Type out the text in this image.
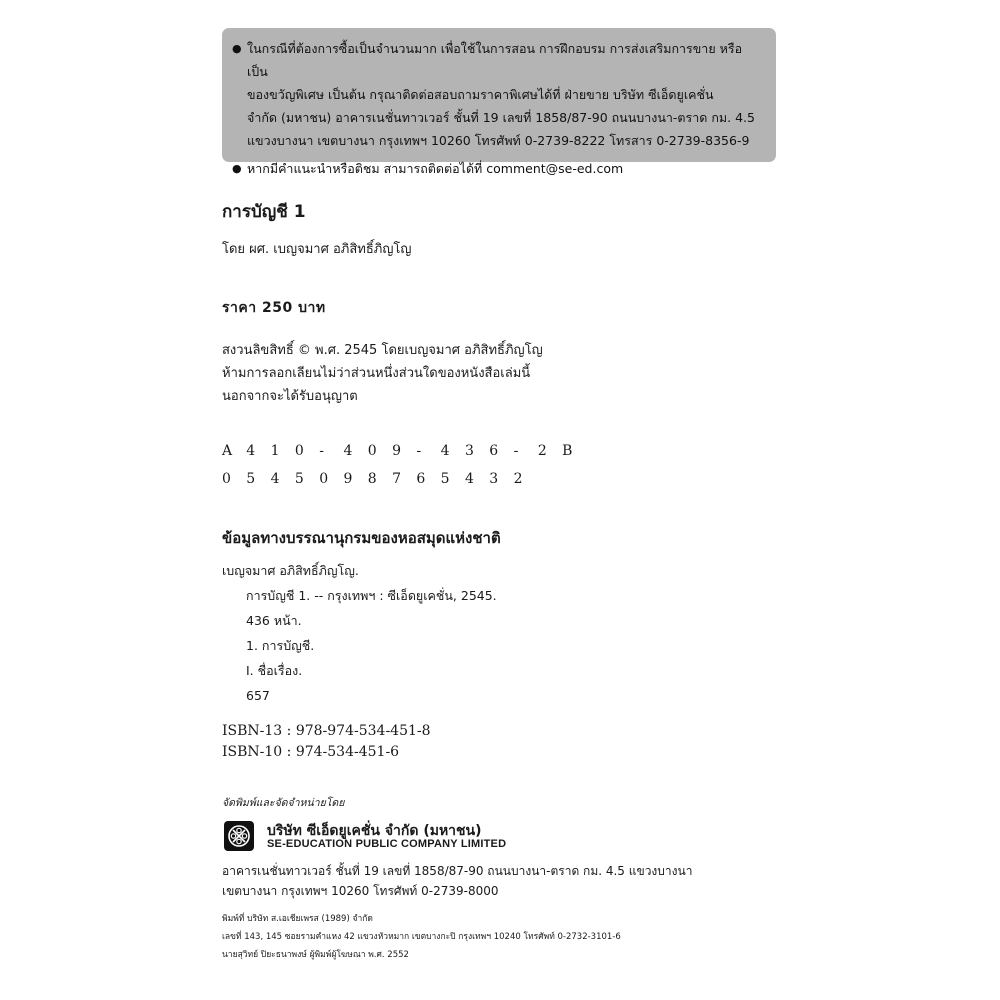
● ในกรณีที่ต้องการซื้อเป็นจำนวนมาก เพื่อใช้ในการสอน การฝึกอบรม การส่งเสริมการขาย หรือเป็น
ของขวัญพิเศษ เป็นต้น กรุณาติดต่อสอบถามราคาพิเศษได้ที่ ฝ่ายขาย บริษัท ซีเอ็ดยูเคชั่น
จำกัด (มหาชน) อาคารเนชั่นทาวเวอร์ ชั้นที่ 19 เลขที่ 1858/87-90 ถนนบางนา-ตราด กม. 4.5
แขวงบางนา เขตบางนา กรุงเทพฯ 10260 โทรศัพท์ 0-2739-8222 โทรสาร 0-2739-8356-9
● หากมีคำแนะนำหรือติชม สามารถติดต่อได้ที่ comment@se-ed.com
การบัญชี 1
โดย ผศ. เบญจมาศ อภิสิทธิ์ภิญโญ
ราคา 250 บาท
สงวนลิขสิทธิ์ © พ.ศ. 2545 โดยเบญจมาศ อภิสิทธิ์ภิญโญ
ห้ามการลอกเลียนไม่ว่าส่วนหนึ่งส่วนใดของหนังสือเล่มนี้
นอกจากจะได้รับอนุญาต
A	4	1	0	-	4	0	9	-	4	3	6	-	2	B
0	5	4	5	0	9	8	7	6	5	4	3	2
ข้อมูลทางบรรณานุกรมของหอสมุดแห่งชาติ
เบญจมาศ อภิสิทธิ์ภิญโญ.
การบัญชี 1. -- กรุงเทพฯ : ซีเอ็ดยูเคชั่น, 2545.
436 หน้า.
1. การบัญชี.
I. ชื่อเรื่อง.
657
ISBN-13 : 978-974-534-451-8
ISBN-10 : 974-534-451-6
จัดพิมพ์และจัดจำหน่ายโดย
บริษัท ซีเอ็ดยูเคชั่น จำกัด (มหาชน)
SE-EDUCATION PUBLIC COMPANY LIMITED
อาคารเนชั่นทาวเวอร์ ชั้นที่ 19 เลขที่ 1858/87-90 ถนนบางนา-ตราด กม. 4.5 แขวงบางนา
เขตบางนา กรุงเทพฯ 10260 โทรศัพท์ 0-2739-8000
พิมพ์ที่ บริษัท ส.เอเชียเพรส (1989) จำกัด
เลขที่ 143, 145 ซอยรามคำแหง 42 แขวงหัวหมาก เขตบางกะปิ กรุงเทพฯ 10240 โทรศัพท์ 0-2732-3101-6
นายสุวิทย์ ปิยะธนาพงษ์ ผู้พิมพ์ผู้โฆษณา พ.ศ. 2552
